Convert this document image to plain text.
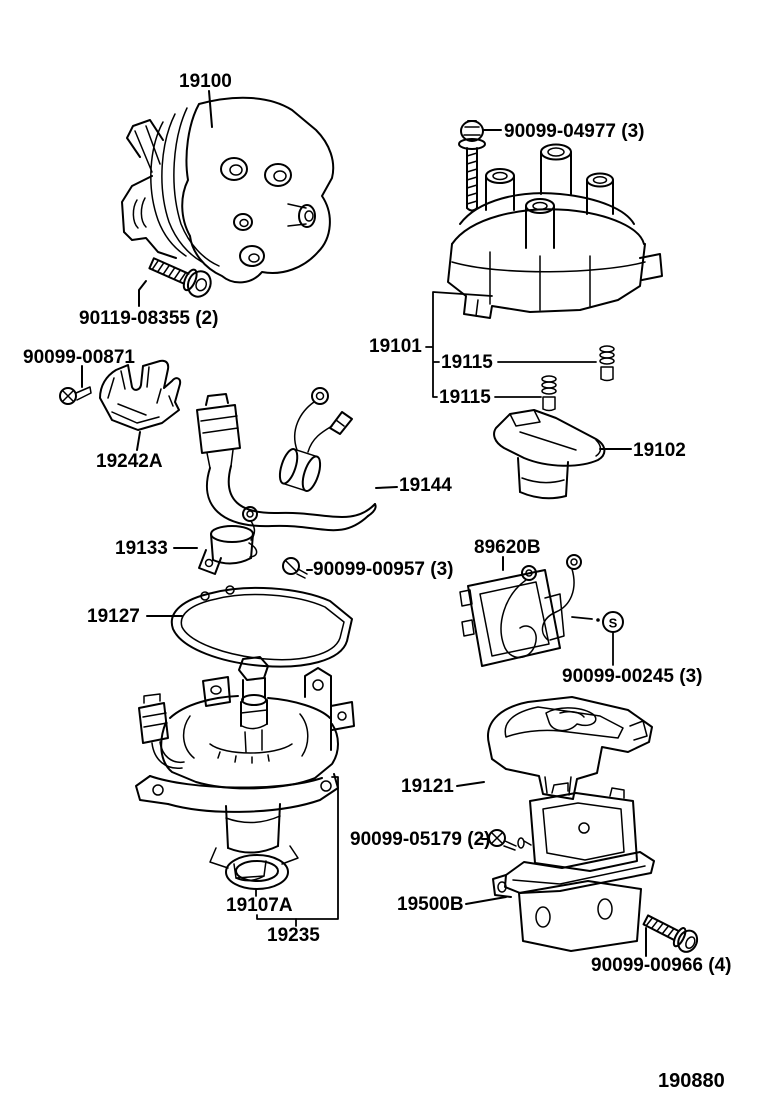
S
19100
90099-04977 (3)
90119-08355 (2)
90099-00871
19242A
19101
19115
19115
19102
19144
19133
90099-00957 (3)
19127
89620B
90099-00245 (3)
19121
90099-05179 (2)
19107A
19235
19500B
90099-00966 (4)
190880
